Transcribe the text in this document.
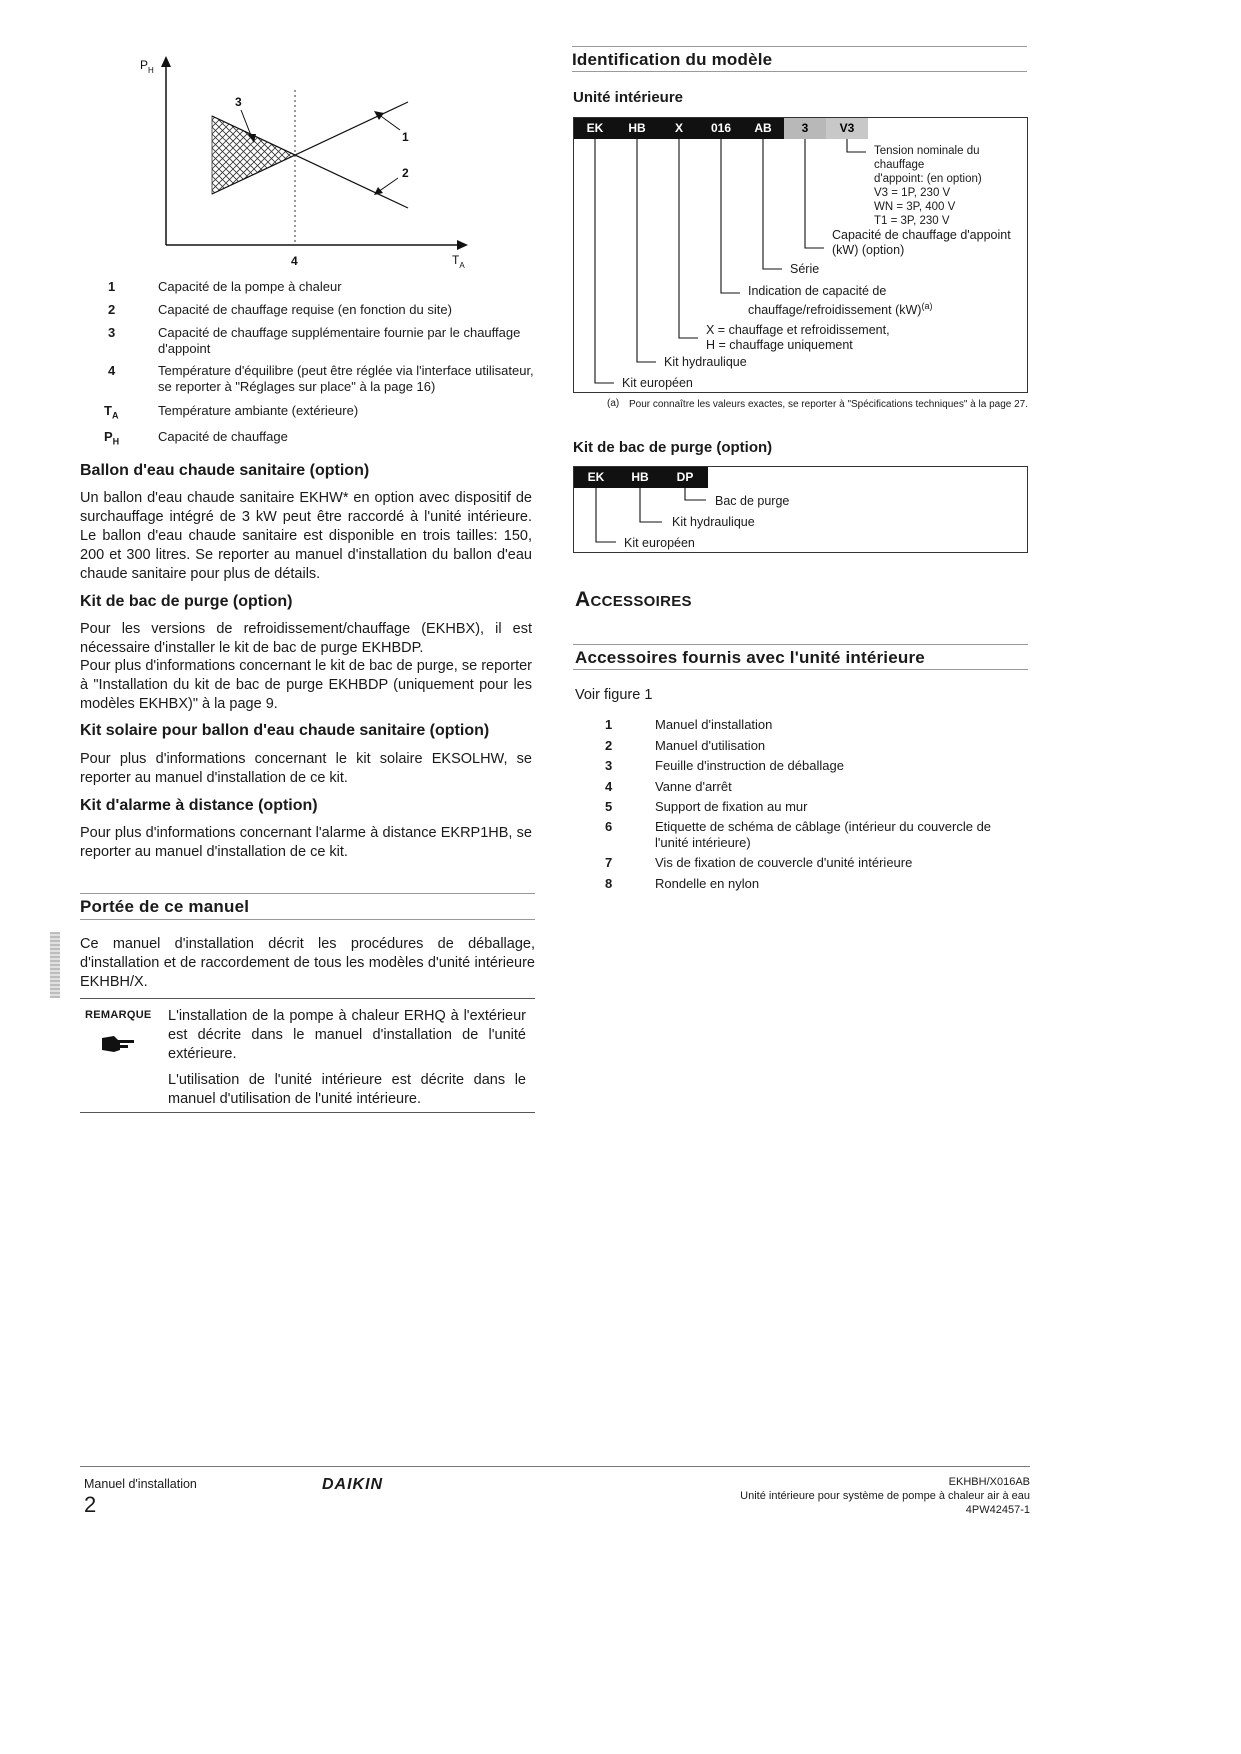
$P_H$
$T_A$
3
1
2
4
1	Capacité de la pompe à chaleur
2	Capacité de chauffage requise (en fonction du site)
3	Capacité de chauffage supplémentaire fournie par le chauffage d'appoint
4	Température d'équilibre (peut être réglée via l'interface utilisateur, se reporter à "Réglages sur place" à la page 16)
$T_A$	Température ambiante (extérieure)
$P_H$	Capacité de chauffage
Ballon d'eau chaude sanitaire (option)
Un ballon d'eau chaude sanitaire EKHW* en option avec dispositif de surchauffage intégré de 3 kW peut être raccordé à l'unité intérieure. Le ballon d'eau chaude sanitaire est disponible en trois tailles: 150, 200 et 300 litres. Se reporter au manuel d'installation du ballon d'eau chaude sanitaire pour plus de détails.
Kit de bac de purge (option)
Pour les versions de refroidissement/chauffage (EKHBX), il est nécessaire d'installer le kit de bac de purge EKHBDP.
Pour plus d'informations concernant le kit de bac de purge, se reporter à "Installation du kit de bac de purge EKHBDP (uniquement pour les modèles EKHBX)" à la page 9.
Kit solaire pour ballon d'eau chaude sanitaire (option)
Pour plus d'informations concernant le kit solaire EKSOLHW, se reporter au manuel d'installation de ce kit.
Kit d'alarme à distance (option)
Pour plus d'informations concernant l'alarme à distance EKRP1HB, se reporter au manuel d'installation de ce kit.
Portée de ce manuel
Ce manuel d'installation décrit les procédures de déballage, d'installation et de raccordement de tous les modèles d'unité intérieure EKHBH/X.
REMARQUE L'installation de la pompe à chaleur ERHQ à l'extérieur est décrite dans le manuel d'installation de l'unité extérieure.
L'utilisation de l'unité intérieure est décrite dans le manuel d'utilisation de l'unité intérieure.
Identification du modèle
Unité intérieure
EK	HB	X	016	AB	3	V3
Tension nominale du chauffage
d'appoint: (en option)
V3 = 1P, 230 V
WN = 3P, 400 V
T1 = 3P, 230 V
Capacité de chauffage d'appoint
(kW) (option)
Série
Indication de capacité de
chauffage/refroidissement (kW)$^{(a)}$
X = chauffage et refroidissement,
H = chauffage uniquement
Kit hydraulique
Kit européen
(a) Pour connaître les valeurs exactes, se reporter à "Spécifications techniques" à la page 27.
Kit de bac de purge (option)
EK	HB	DP
Bac de purge
Kit hydraulique
Kit européen
Accessoires
Accessoires fournis avec l'unité intérieure
Voir figure 1
1	Manuel d'installation
2	Manuel d'utilisation
3	Feuille d'instruction de déballage
4	Vanne d'arrêt
5	Support de fixation au mur
6	Etiquette de schéma de câblage (intérieur du couvercle de l'unité intérieure)
7	Vis de fixation de couvercle d'unité intérieure
8	Rondelle en nylon
Manuel d'installation
2
DAIKIN	EKHBH/X016AB
Unité intérieure pour système de pompe à chaleur air à eau
4PW42457-1
